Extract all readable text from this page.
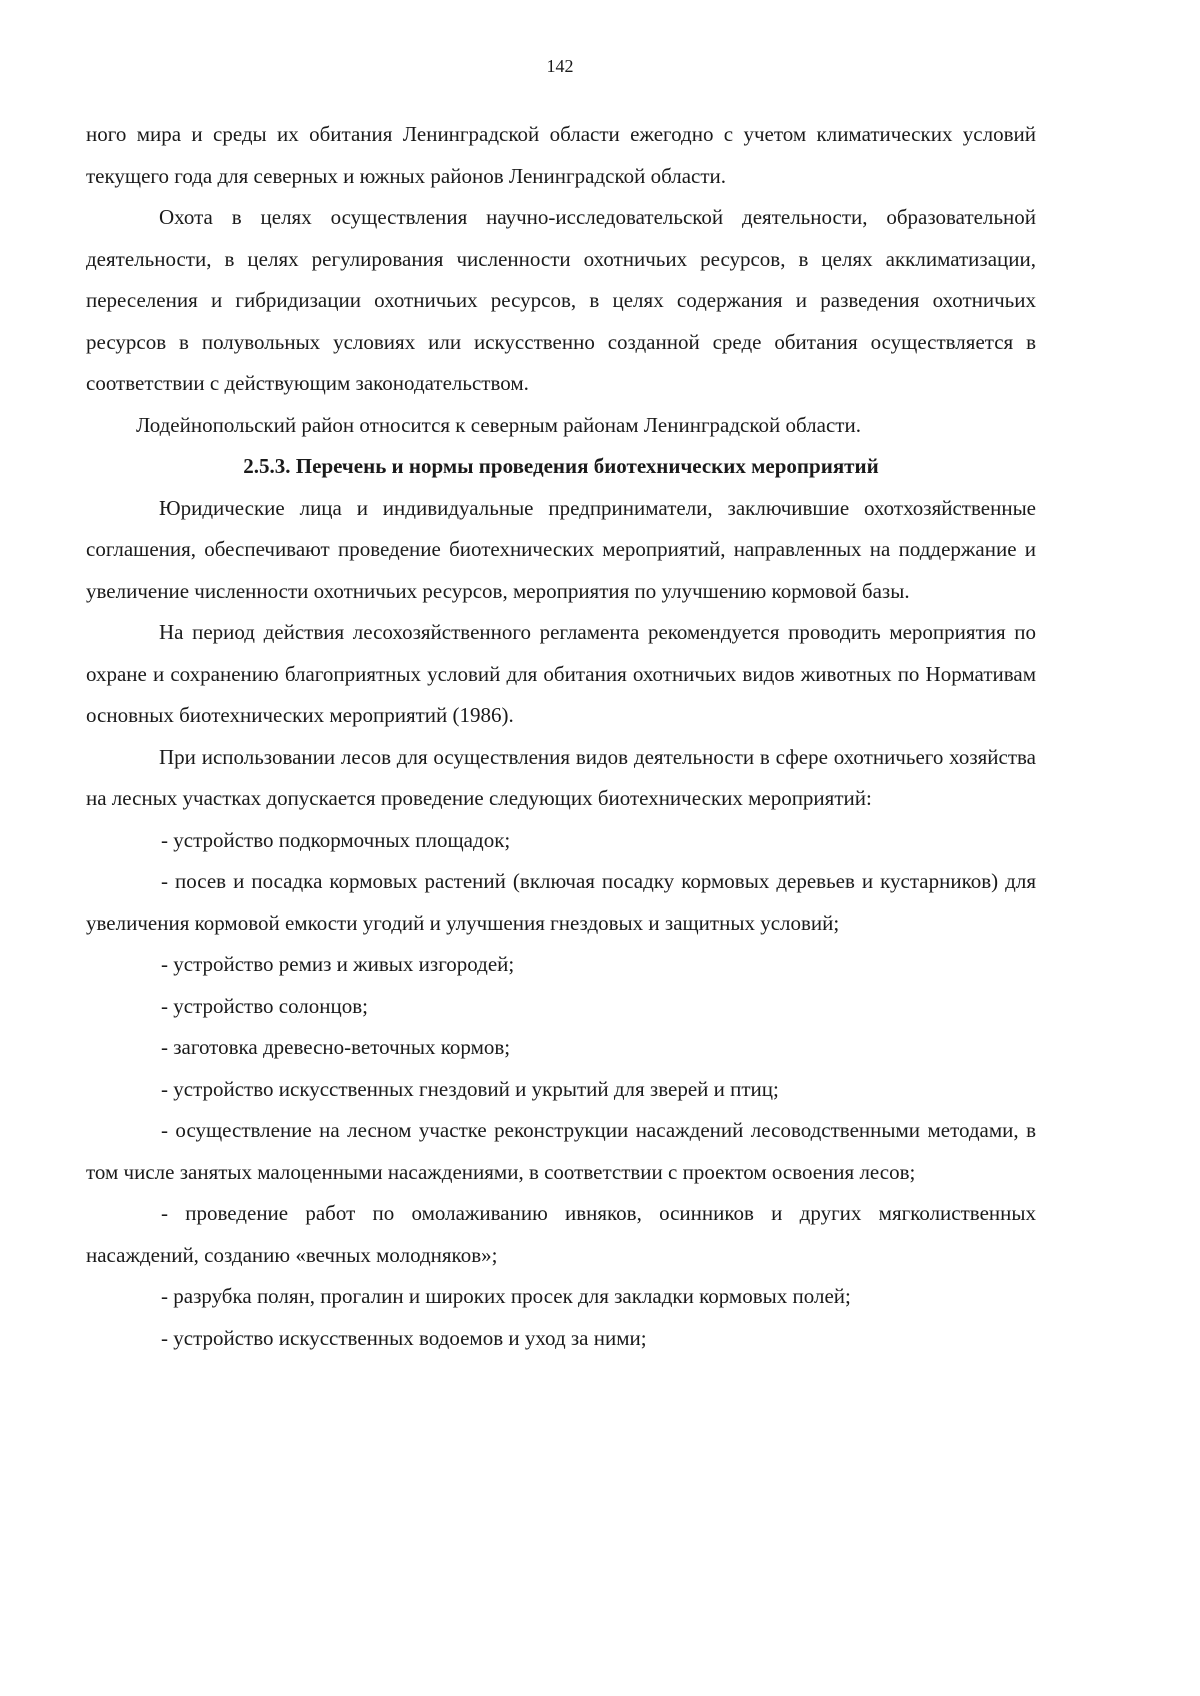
142

ного мира и среды их обитания Ленинградской области ежегодно с учетом климатических условий текущего года для северных и южных районов Ленинградской области.

Охота в целях осуществления научно-исследовательской деятельности, образовательной деятельности, в целях регулирования численности охотничьих ресурсов, в целях акклиматизации, переселения и гибридизации охотничьих ресурсов, в целях содержания и разведения охотничьих ресурсов в полувольных условиях или искусственно созданной среде обитания осуществляется в соответствии с действующим законодательством.

Лодейнопольский район относится к северным районам Ленинградской области.

2.5.3. Перечень и нормы проведения биотехнических мероприятий

Юридические лица и индивидуальные предприниматели, заключившие охотхозяйственные соглашения, обеспечивают проведение биотехнических мероприятий, направленных на поддержание и увеличение численности охотничьих ресурсов, мероприятия по улучшению кормовой базы.

На период действия лесохозяйственного регламента рекомендуется проводить мероприятия по охране и сохранению благоприятных условий для обитания охотничьих видов животных по Нормативам основных биотехнических мероприятий (1986).

При использовании лесов для осуществления видов деятельности в сфере охотничьего хозяйства на лесных участках допускается проведение следующих биотехнических мероприятий:

- устройство подкормочных площадок;

- посев и посадка кормовых растений (включая посадку кормовых деревьев и кустарников) для увеличения кормовой емкости угодий и улучшения гнездовых и защитных условий;

- устройство ремиз и живых изгородей;

- устройство солонцов;

- заготовка древесно-веточных кормов;

- устройство искусственных гнездовий и укрытий для зверей и птиц;

- осуществление на лесном участке реконструкции насаждений лесоводственными методами, в том числе занятых малоценными насаждениями, в соответствии с проектом освоения лесов;

- проведение работ по омолаживанию ивняков, осинников и других мягколиственных насаждений, созданию «вечных молодняков»;

- разрубка полян, прогалин и широких просек для закладки кормовых полей;

- устройство искусственных водоемов и уход за ними;
